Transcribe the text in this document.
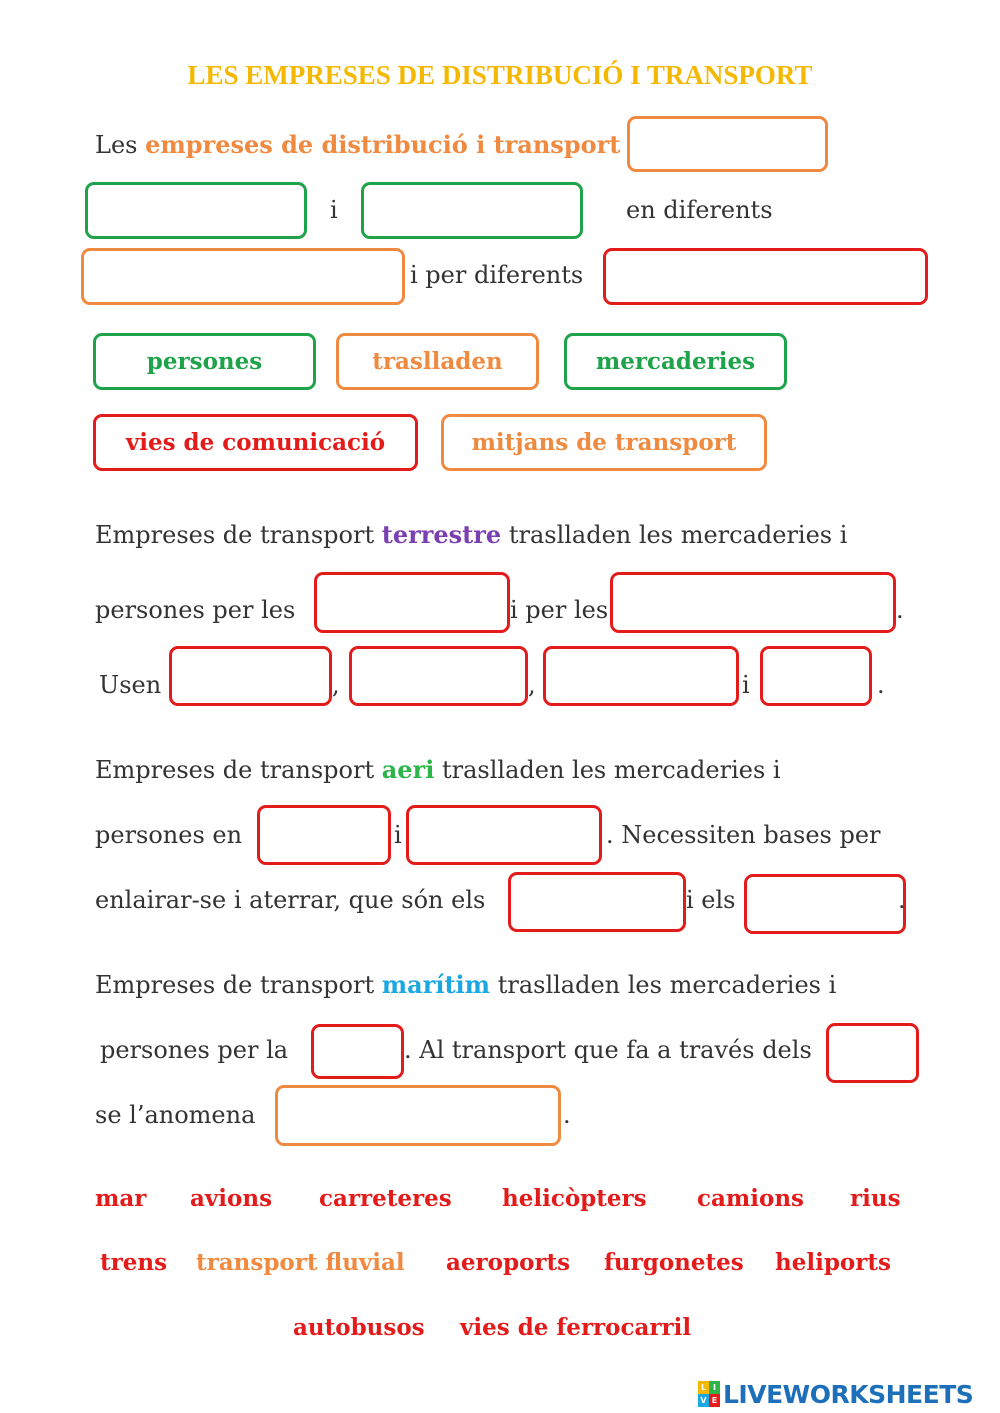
LES EMPRESES DE DISTRIBUCIÓ I TRANSPORT
Les empreses de distribució i transport
i	en diferents
i per diferents
persones	traslladen	mercaderies
vies de comunicació	mitjans de transport
Empreses de transport terrestre traslladen les mercaderies i
persones per les	i per les	.
Usen	,	,	i	.
Empreses de transport aeri traslladen les mercaderies i
persones en	i	. Necessiten bases per
enlairar-se i aterrar, que són els	i els	.
Empreses de transport marítim traslladen les mercaderies i
persones per la	. Al transport que fa a través dels
se l’anomena	.
mar avions carreteres helicòpters camions rius
trens transport fluvial aeroports furgonetes heliports
autobusos vies de ferrocarril
L I
V E LIVEWORKSHEETS
